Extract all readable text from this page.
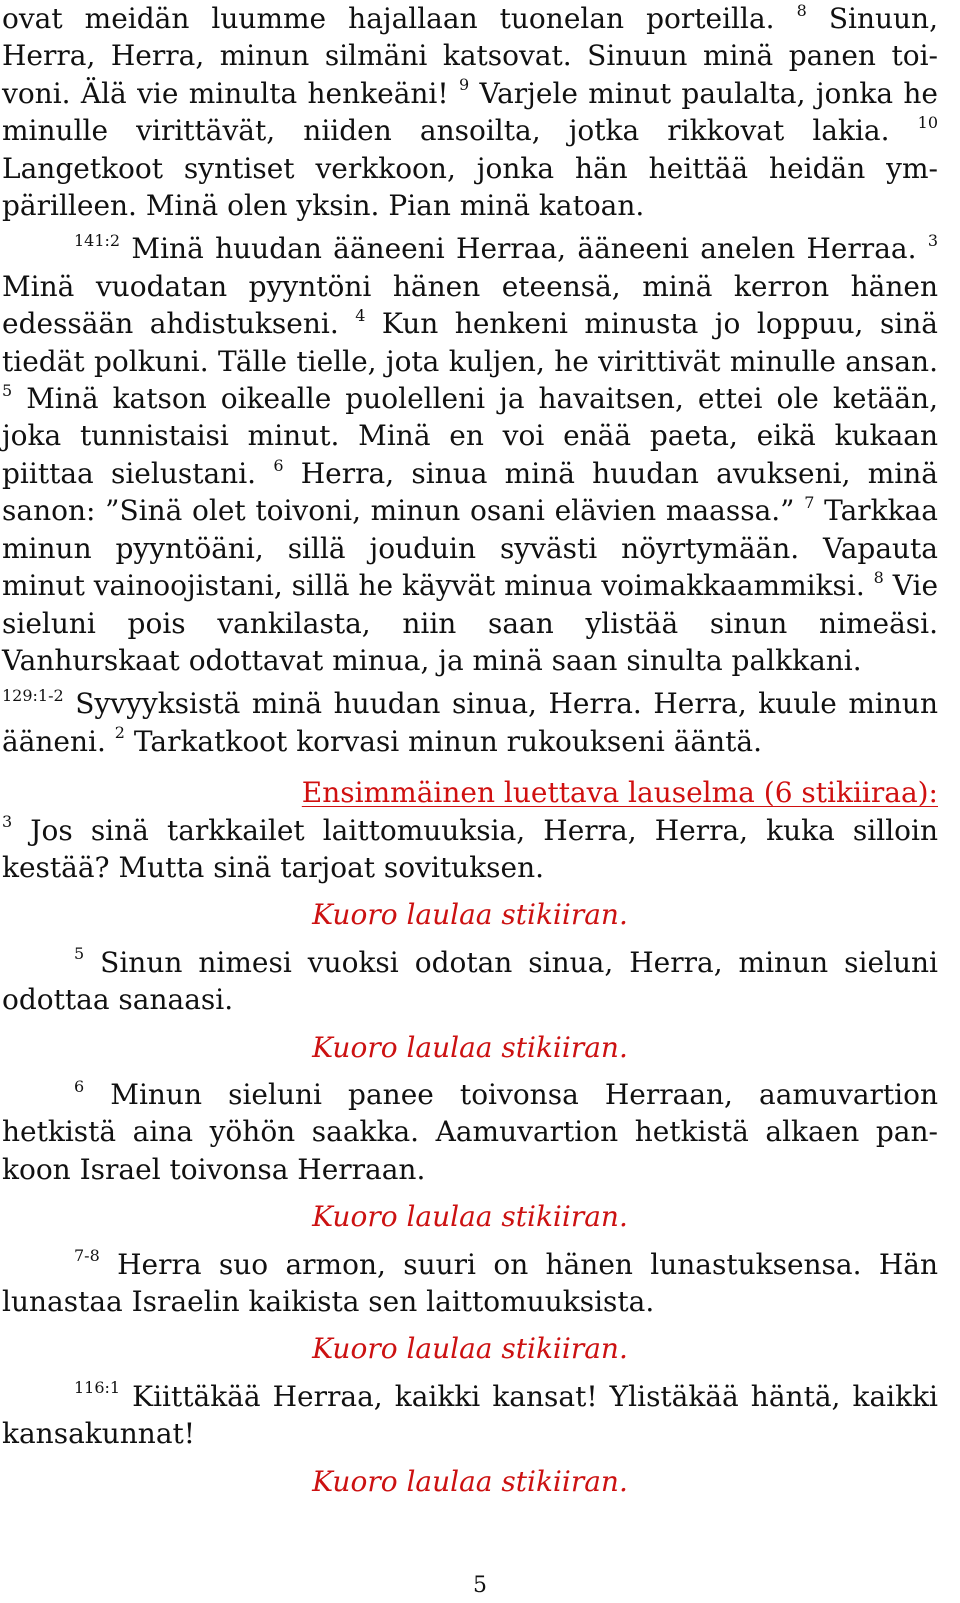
ovat meidän luumme hajallaan tuonelan porteilla. $^8$ Sinuun, Herra, Herra, minun silmäni katsovat. Sinuun minä panen toivoni. Älä vie minulta henkeäni! $^9$ Varjele minut paulalta, jonka he minulle virittävät, niiden ansoilta, jotka rikkovat lakia. $^{10}$ Langetkoot syntiset verkkoon, jonka hän heittää heidän ympärilleen. Minä olen yksin. Pian minä katoan.

$^{141:2}$ Minä huudan ääneeni Herraa, ääneeni anelen Herraa. $^3$ Minä vuodatan pyyntöni hänen eteensä, minä kerron hänen edessään ahdistukseni. $^4$ Kun henkeni minusta jo loppuu, sinä tiedät polkuni. Tälle tielle, jota kuljen, he virittivät minulle ansan. $^5$ Minä katson oikealle puolelleni ja havaitsen, ettei ole ketään, joka tunnistaisi minut. Minä en voi enää paeta, eikä kukaan piittaa sielustani. $^6$ Herra, sinua minä huudan avukseni, minä sanon: ”Sinä olet toivoni, minun osani elävien maassa.” $^7$ Tarkkaa minun pyyntöäni, sillä jouduin syvästi nöyrtymään. Vapauta minut vainoojistani, sillä he käyvät minua voimakkaammiksi. $^8$ Vie sieluni pois vankilasta, niin saan ylistää sinun nimeäsi. Vanhurskaat odottavat minua, ja minä saan sinulta palkkani.

$^{129:1-2}$ Syvyyksistä minä huudan sinua, Herra. Herra, kuule minun ääneni. $^2$ Tarkatkoot korvasi minun rukoukseni ääntä.

Ensimmäinen luettava lauselma (6 stikiiraa):

$^3$ Jos sinä tarkkailet laittomuuksia, Herra, Herra, kuka silloin kestää? Mutta sinä tarjoat sovituksen.

Kuoro laulaa stikiiran.

$^5$ Sinun nimesi vuoksi odotan sinua, Herra, minun sieluni odottaa sanaasi.

Kuoro laulaa stikiiran.

$^6$ Minun sieluni panee toivonsa Herraan, aamuvartion hetkistä aina yöhön saakka. Aamuvartion hetkistä alkaen pankoon Israel toivonsa Herraan.

Kuoro laulaa stikiiran.

$^{7-8}$ Herra suo armon, suuri on hänen lunastuksensa. Hän lunastaa Israelin kaikista sen laittomuuksista.

Kuoro laulaa stikiiran.

$^{116:1}$ Kiittäkää Herraa, kaikki kansat! Ylistäkää häntä, kaikki kansakunnat!

Kuoro laulaa stikiiran.

5
